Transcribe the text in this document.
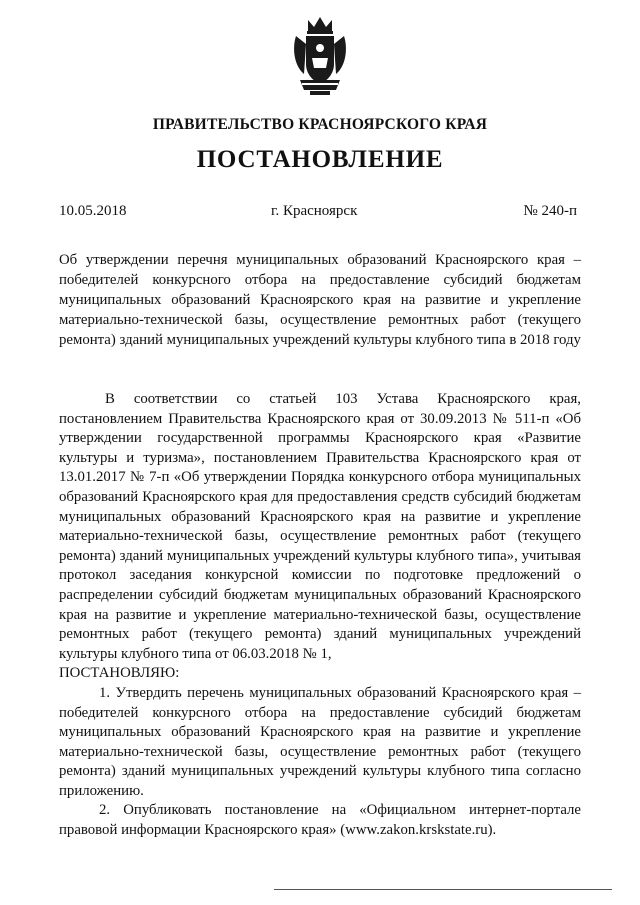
ПРАВИТЕЛЬСТВО КРАСНОЯРСКОГО КРАЯ
ПОСТАНОВЛЕНИЕ
10.05.2018	г. Красноярск	№ 240-п
Об утверждении перечня муниципальных образований Красноярского края – победителей конкурсного отбора на предоставление субсидий бюджетам муниципальных образований Красноярского края на развитие и укрепление материально-технической базы, осуществление ремонтных работ (текущего ремонта) зданий муниципальных учреждений культуры клубного типа в 2018 году

В соответствии со статьей 103 Устава Красноярского края, постановлением Правительства Красноярского края от 30.09.2013 № 511-п «Об утверждении государственной программы Красноярского края «Развитие культуры и туризма», постановлением Правительства Красноярского края от 13.01.2017 № 7-п «Об утверждении Порядка конкурсного отбора муниципальных образований Красноярского края для предоставления средств субсидий бюджетам муниципальных образований Красноярского края на развитие и укрепление материально-технической базы, осуществление ремонтных работ (текущего ремонта) зданий муниципальных учреждений культуры клубного типа», учитывая протокол заседания конкурсной комиссии по подготовке предложений о распределении субсидий бюджетам муниципальных образований Красноярского края на развитие и укрепление материально-технической базы, осуществление ремонтных работ (текущего ремонта) зданий муниципальных учреждений культуры клубного типа от 06.03.2018 № 1,

ПОСТАНОВЛЯЮ:

1. Утвердить перечень муниципальных образований Красноярского края – победителей конкурсного отбора на предоставление субсидий бюджетам муниципальных образований Красноярского края на развитие и укрепление материально-технической базы, осуществление ремонтных работ (текущего ремонта) зданий муниципальных учреждений культуры клубного типа согласно приложению.

2. Опубликовать постановление на «Официальном интернет-портале правовой информации Красноярского края» (www.zakon.krskstate.ru).
